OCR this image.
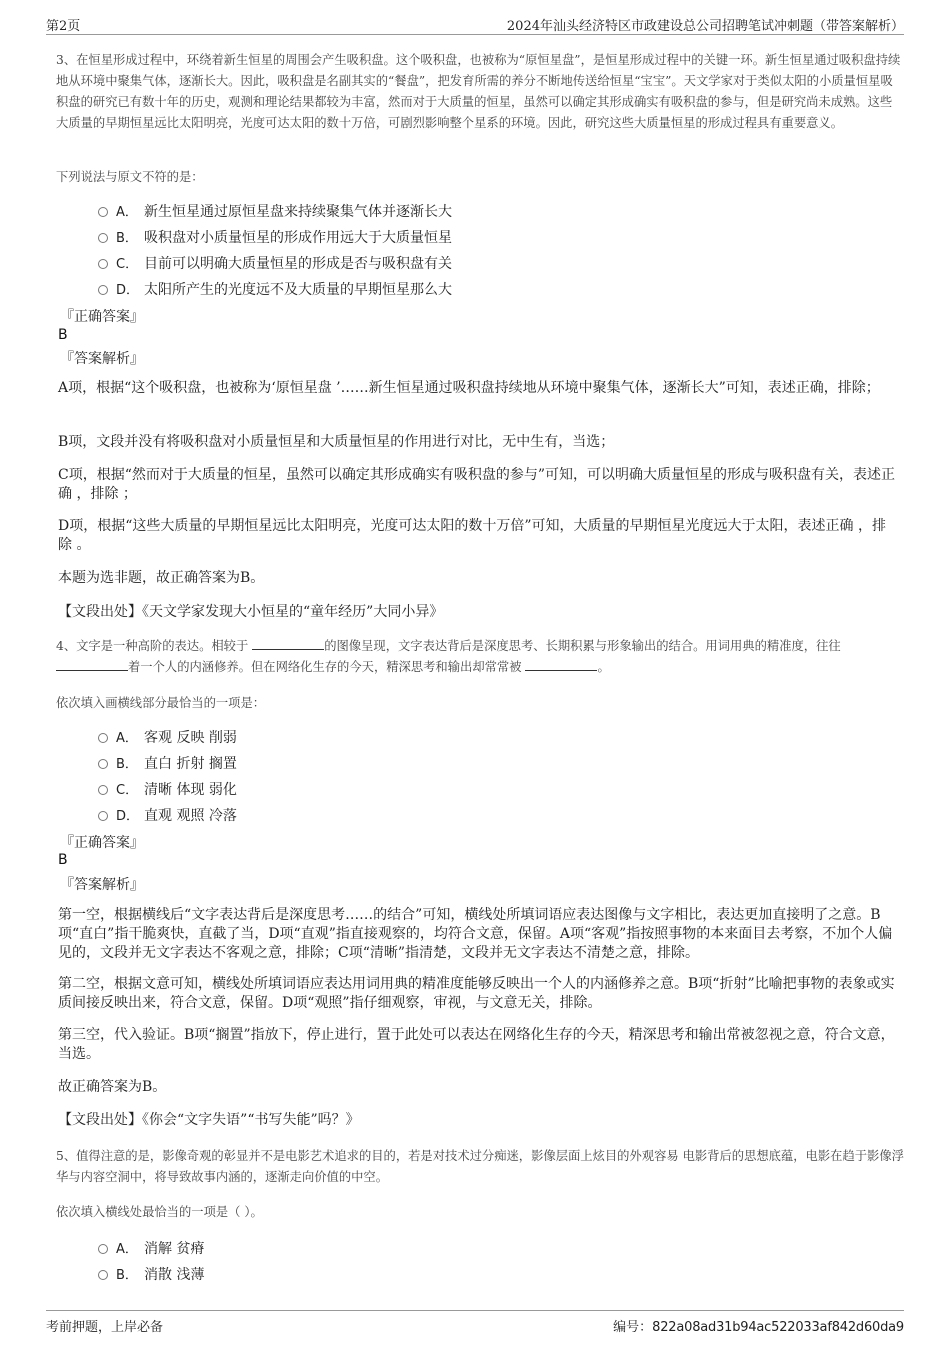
第2页	2024年汕头经济特区市政建设总公司招聘笔试冲刺题（带答案解析）

3、在恒星形成过程中，环绕着新生恒星的周围会产生吸积盘。这个吸积盘，也被称为“原恒星盘”，是恒星形成过程中的关键一环。新生恒星通过吸积盘持续地从环境中聚集气体，逐渐长大。因此，吸积盘是名副其实的“餐盘”，把发育所需的养分不断地传送给恒星“宝宝”。天文学家对于类似太阳的小质量恒星吸积盘的研究已有数十年的历史，观测和理论结果都较为丰富，然而对于大质量的恒星，虽然可以确定其形成确实有吸积盘的参与，但是研究尚未成熟。这些大质量的早期恒星远比太阳明亮，光度可达太阳的数十万倍，可剧烈影响整个星系的环境。因此，研究这些大质量恒星的形成过程具有重要意义。

下列说法与原文不符的是：

A． 新生恒星通过原恒星盘来持续聚集气体并逐渐长大
B． 吸积盘对小质量恒星的形成作用远大于大质量恒星
C． 目前可以明确大质量恒星的形成是否与吸积盘有关
D． 太阳所产生的光度远不及大质量的早期恒星那么大
『正确答案』
B
『答案解析』

A项，根据“这个吸积盘，也被称为‘原恒星盘 ’……新生恒星通过吸积盘持续地从环境中聚集气体，逐渐长大”可知，表述正确，排除；

B项，文段并没有将吸积盘对小质量恒星和大质量恒星的作用进行对比，无中生有，当选；

C项，根据“然而对于大质量的恒星，虽然可以确定其形成确实有吸积盘的参与”可知，可以明确大质量恒星的形成与吸积盘有关，表述正确 ，排除 ；

D项，根据“这些大质量的早期恒星远比太阳明亮，光度可达太阳的数十万倍”可知，大质量的早期恒星光度远大于太阳，表述正确 ，排除 。

本题为选非题，故正确答案为B。

【文段出处】《天文学家发现大小恒星的“童年经历”大同小异》

4、文字是一种高阶的表达。相较于	的图像呈现，文字表达背后是深度思考、长期积累与形象输出的结合。用词用典的精准度，往往着一个人的内涵修养。但在网络化生存的今天，精深思考和输出却常常被	。

依次填入画横线部分最恰当的一项是：

A． 客观 反映 削弱
B． 直白 折射 搁置
C． 清晰 体现 弱化
D． 直观 观照 冷落
『正确答案』
B
『答案解析』

第一空，根据横线后“文字表达背后是深度思考……的结合”可知，横线处所填词语应表达图像与文字相比，表达更加直接明了之意。B项“直白”指干脆爽快，直截了当，D项“直观”指直接观察的，均符合文意，保留。A项“客观”指按照事物的本来面目去考察，不加个人偏见的，文段并无文字表达不客观之意，排除；C项“清晰”指清楚，文段并无文字表达不清楚之意，排除。

第二空，根据文意可知，横线处所填词语应表达用词用典的精准度能够反映出一个人的内涵修养之意。B项“折射”比喻把事物的表象或实质间接反映出来，符合文意，保留。D项“观照”指仔细观察，审视，与文意无关，排除。

第三空，代入验证。B项“搁置”指放下，停止进行，置于此处可以表达在网络化生存的今天，精深思考和输出常被忽视之意，符合文意，当选。

故正确答案为B。

【文段出处】《你会“文字失语”“书写失能”吗？》

5、值得注意的是，影像奇观的彰显并不是电影艺术追求的目的，若是对技术过分痴迷，影像层面上炫目的外观容易 电影背后的思想底蕴，电影在趋于影像浮华与内容空洞中，将导致故事内涵的，逐渐走向价值的中空。

依次填入横线处最恰当的一项是（ ）。

A． 消解 贫瘠
B． 消散 浅薄
考前押题，上岸必备	编号：822a08ad31b94ac522033af842d60da9
